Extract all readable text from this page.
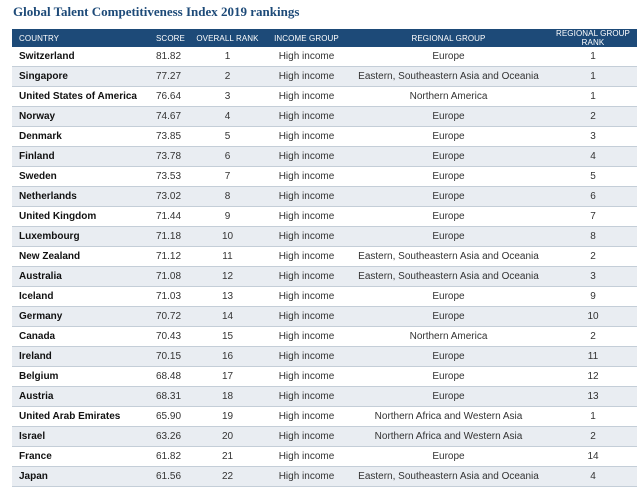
Global Talent Competitiveness Index 2019 rankings
COUNTRY	SCORE	OVERALL RANK	INCOME GROUP	REGIONAL GROUP	REGIONAL GROUP RANK
Switzerland	81.82	1	High income	Europe	1
Singapore	77.27	2	High income	Eastern, Southeastern Asia and Oceania	1
United States of America	76.64	3	High income	Northern America	1
Norway	74.67	4	High income	Europe	2
Denmark	73.85	5	High income	Europe	3
Finland	73.78	6	High income	Europe	4
Sweden	73.53	7	High income	Europe	5
Netherlands	73.02	8	High income	Europe	6
United Kingdom	71.44	9	High income	Europe	7
Luxembourg	71.18	10	High income	Europe	8
New Zealand	71.12	11	High income	Eastern, Southeastern Asia and Oceania	2
Australia	71.08	12	High income	Eastern, Southeastern Asia and Oceania	3
Iceland	71.03	13	High income	Europe	9
Germany	70.72	14	High income	Europe	10
Canada	70.43	15	High income	Northern America	2
Ireland	70.15	16	High income	Europe	11
Belgium	68.48	17	High income	Europe	12
Austria	68.31	18	High income	Europe	13
United Arab Emirates	65.90	19	High income	Northern Africa and Western Asia	1
Israel	63.26	20	High income	Northern Africa and Western Asia	2
France	61.82	21	High income	Europe	14
Japan	61.56	22	High income	Eastern, Southeastern Asia and Oceania	4
